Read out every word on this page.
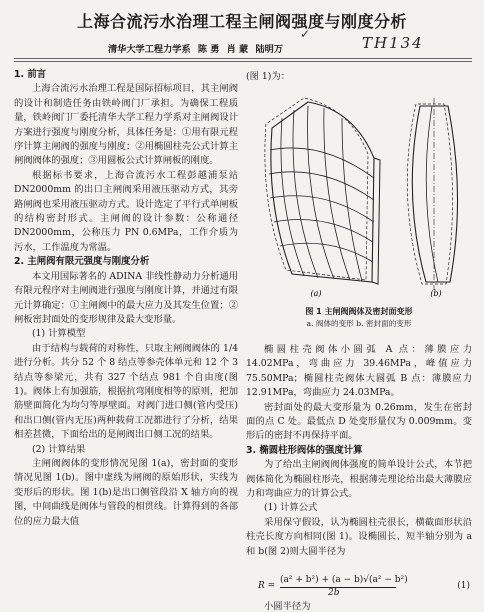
上海合流污水治理工程主闸阀强度与刚度分析
✓
清华大学工程力学系 陈 勇 肖 蒙 陆明万	TH134

1. 前言

上海合流污水治理工程是国际招标项目，其主闸阀的设计和制造任务由铁岭阀门厂承担。为确保工程质量，铁岭阀门厂委托清华大学工程力学系对主闸阀设计方案进行强度与刚度分析，具体任务是：①用有限元程序计算主闸阀的强度与刚度；②用椭圆柱壳公式计算主闸阀阀体的强度；③用圆板公式计算闸板的刚度。

根据标书要求，上海合流污水工程彭越浦泵站 DN2000mm 的出口主闸阀采用液压驱动方式，其旁路闸阀也采用液压驱动方式。设计选定了平行式单闸板的结构密封形式。主闸阀的设计参数：公称通径 DN2000mm，公称压力 PN 0.6MPa，工作介质为污水，工作温度为常温。

2. 主闸阀有限元强度与刚度分析

本文用国际著名的 ADINA 非线性静动力分析通用有限元程序对主闸阀进行强度与刚度计算，并通过有限元计算确定：①主闸阀中的最大应力及其发生位置；②闸板密封面处的变形规律及最大变形量。

(1) 计算模型

由于结构与载荷的对称性，只取主闸阀阀体的 1/4 进行分析。共分 52 个 8 结点等参壳体单元和 12 个 3 结点等参梁元，共有 327 个结点 981 个自由度(图 1)。阀体上有加强筋，根据抗弯刚度相等的原则，把加筋壁面简化为均匀等厚壁面。对阀门进口侧(管内受压)和出口侧(管内无压)两种载荷工况都进行了分析，结果相差甚微，下面给出的是闸阀出口侧工况的结果。

(2) 计算结果

主闸阀阀体的变形情况见图 1(a)，密封面的变形情况见图 1(b)。图中虚线为闸阀的原始形状，实线为变形后的形状。图 1(b)是出口侧管段沿 X 轴方向的视图，中间曲线是阀体与管段的相贯线。计算得到的各部位的应力最大值

(图 1)为：
(a)	(b)
图 1 主闸阀阀体及密封面变形
a. 阀体的变形 b. 密封面的变形

椭圆柱壳阀体小圆弧 A 点：薄膜应力 14.02MPa，弯曲应力 39.46MPa，峰值应力 75.50MPa；椭圆柱壳阀体大圆弧 B 点：薄膜应力 12.91MPa，弯曲应力 24.03MPa。

密封面处的最大变形量为 0.26mm，发生在密封面的点 C 处。最低点 D 处变形量仅为 0.009mm。变形后的密封不再保持平面。

3. 椭圆柱形阀体的强度计算

为了给出主闸阀阀体强度的简单设计公式，本节把阀体简化为椭圆柱形壳，根据薄壳理论给出最大薄膜应力和弯曲应力的计算公式。

(1) 计算公式

采用保守假设，认为椭圆柱壳很长，横截面形状沿柱壳长度方向相同(图 1)。设椭圆长、短半轴分别为 a 和 b(图 2)则大圆半径为

R =
(a² + b²) + (a − b)√(a² − b²)
2b
(1)
小圆半径为
